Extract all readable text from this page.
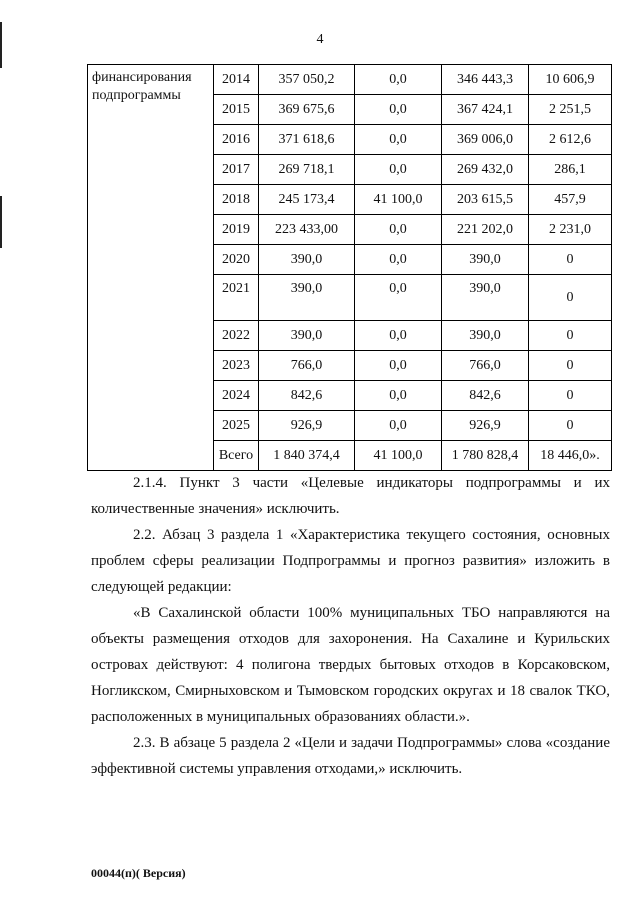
4
финансирования подпрограммы	2014	357 050,2	0,0	346 443,3	10 606,9
	2015	369 675,6	0,0	367 424,1	2 251,5
	2016	371 618,6	0,0	369 006,0	2 612,6
	2017	269 718,1	0,0	269 432,0	286,1
	2018	245 173,4	41 100,0	203 615,5	457,9
	2019	223 433,00	0,0	221 202,0	2 231,0
	2020	390,0	0,0	390,0	0
	2021	390,0	0,0	390,0	0
	2022	390,0	0,0	390,0	0
	2023	766,0	0,0	766,0	0
	2024	842,6	0,0	842,6	0
	2025	926,9	0,0	926,9	0
	Всего	1 840 374,4	41 100,0	1 780 828,4	18 446,0».

2.1.4. Пункт 3 части «Целевые индикаторы подпрограммы и их количественные значения» исключить.

2.2. Абзац 3 раздела 1 «Характеристика текущего состояния, основных проблем сферы реализации Подпрограммы и прогноз развития» изложить в следующей редакции:

«В Сахалинской области 100% муниципальных ТБО направляются на объекты размещения отходов для захоронения. На Сахалине и Курильских островах действуют: 4 полигона твердых бытовых отходов в Корсаковском, Ногликском, Смирныховском и Тымовском городских округах и 18 свалок ТКО, расположенных в муниципальных образованиях области.».

2.3. В абзаце 5 раздела 2 «Цели и задачи Подпрограммы» слова «создание эффективной системы управления отходами,» исключить.

00044(п)( Версия)
